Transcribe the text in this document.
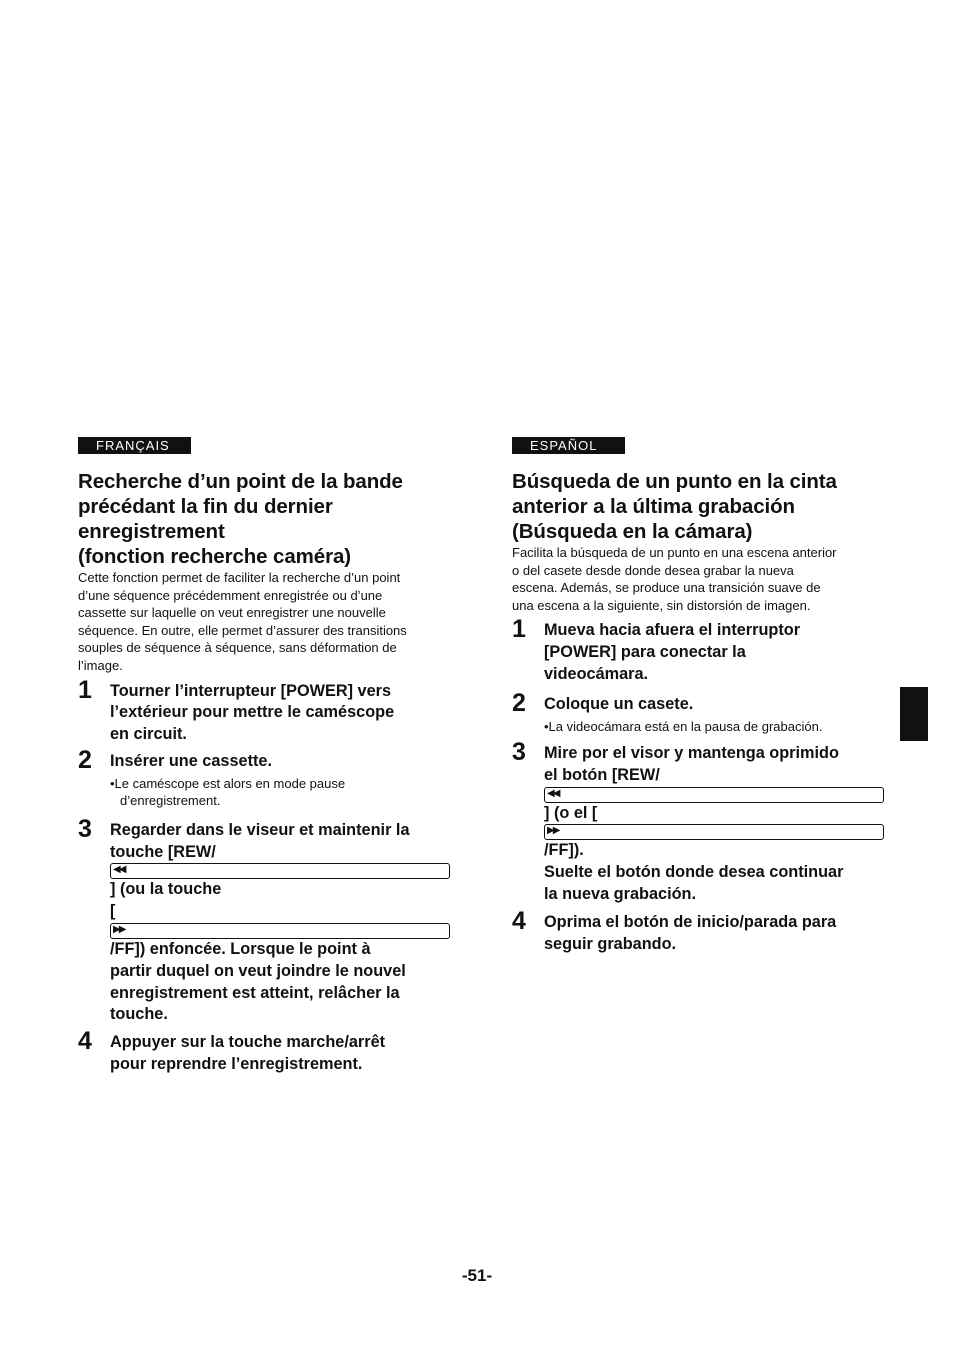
FRANÇAIS
Recherche d’un point de la bande
précédant la fin du dernier
enregistrement
(fonction recherche caméra)
Cette fonction permet de faciliter la recherche d’un point
d’une séquence précédemment enregistrée ou d’une
cassette sur laquelle on veut enregistrer une nouvelle
séquence. En outre, elle permet d’assurer des transitions
souples de séquence à séquence, sans déformation de
l’image.
1 Tourner l’interrupteur [POWER] vers
l’extérieur pour mettre le caméscope
en circuit.
2 Insérer une cassette.
•Le caméscope est alors en mode pause
d’enregistrement.
3 Regarder dans le viseur et maintenir la
touche [REW/
◀◀
] (ou la touche
[
▶▶
/FF]) enfoncée. Lorsque le point à
partir duquel on veut joindre le nouvel
enregistrement est atteint, relâcher la
touche.
4 Appuyer sur la touche marche/arrêt
pour reprendre l’enregistrement.
ESPAÑOL
Búsqueda de un punto en la cinta
anterior a la última grabación
(Búsqueda en la cámara)
Facilita la búsqueda de un punto en una escena anterior
o del casete desde donde desea grabar la nueva
escena. Además, se produce una transición suave de
una escena a la siguiente, sin distorsión de imagen.
1 Mueva hacia afuera el interruptor
[POWER] para conectar la
videocámara.
2 Coloque un casete.
•La videocámara está en la pausa de grabación.
3 Mire por el visor y mantenga oprimido
el botón [REW/
◀◀
] (o el [
▶▶
/FF]).
Suelte el botón donde desea continuar
la nueva grabación.
4 Oprima el botón de inicio/parada para
seguir grabando.
-51-
